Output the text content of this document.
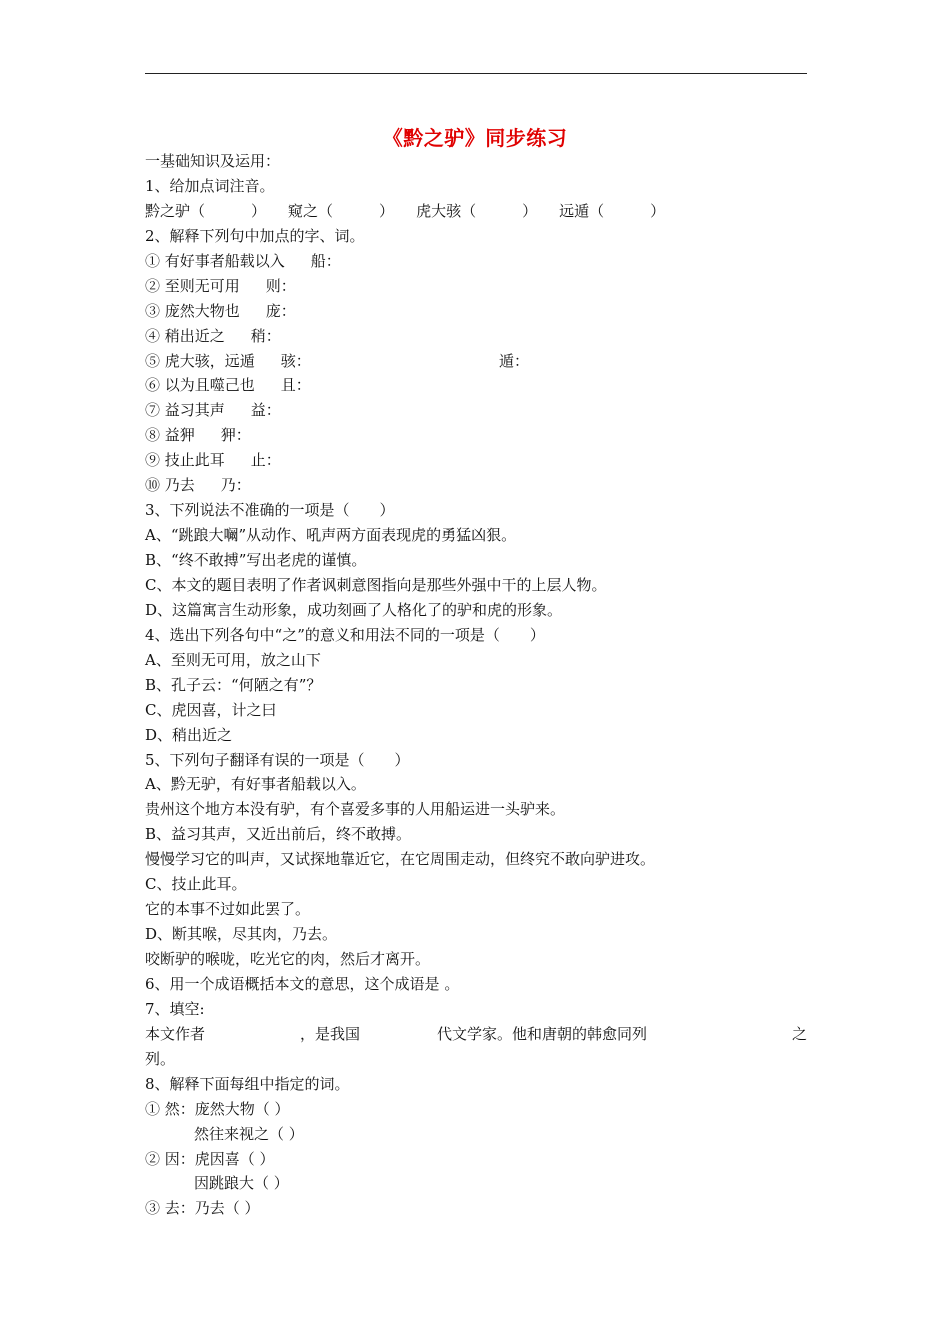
《黔之驴》同步练习
一基础知识及运用：
1、给加点词注音。
黔之驴（	） 窥之（	） 虎大骇（	） 远遁（	）
2、解释下列句中加点的字、词。
① 有好事者船载以入 船：
② 至则无可用 则：
③ 庞然大物也 庞：
④ 稍出近之 稍：
⑤ 虎大骇，远遁 骇：	遁：
⑥ 以为且噬己也 且：
⑦ 益习其声 益：
⑧ 益狎 狎：
⑨ 技止此耳 止：
⑩ 乃去 乃：
3、下列说法不准确的一项是（　　）
A、“跳踉大㘎”从动作、吼声两方面表现虎的勇猛凶狠。
B、“终不敢搏”写出老虎的谨慎。
C、本文的题目表明了作者讽刺意图指向是那些外强中干的上层人物。
D、这篇寓言生动形象，成功刻画了人格化了的驴和虎的形象。
4、选出下列各句中“之”的意义和用法不同的一项是（　　）
A、至则无可用，放之山下
B、孔子云：“何陋之有”？
C、虎因喜，计之曰
D、稍出近之
5、下列句子翻译有误的一项是（　　）
A、黔无驴，有好事者船载以入。
贵州这个地方本没有驴，有个喜爱多事的人用船运进一头驴来。
B、益习其声，又近出前后，终不敢搏。
慢慢学习它的叫声，又试探地靠近它，在它周围走动，但终究不敢向驴进攻。
C、技止此耳。
它的本事不过如此罢了。
D、断其喉，尽其肉，乃去。
咬断驴的喉咙，吃光它的肉，然后才离开。
6、用一个成语概括本文的意思，这个成语是 。
7、填空:
本文作者	，是我国	代文学家。他和唐朝的韩愈同列	之
列。
8、解释下面每组中指定的词。
① 然：庞然大物（ ）
然往来视之（ ）
② 因：虎因喜（ ）
因跳踉大（ ）
③ 去：乃去（ ）
